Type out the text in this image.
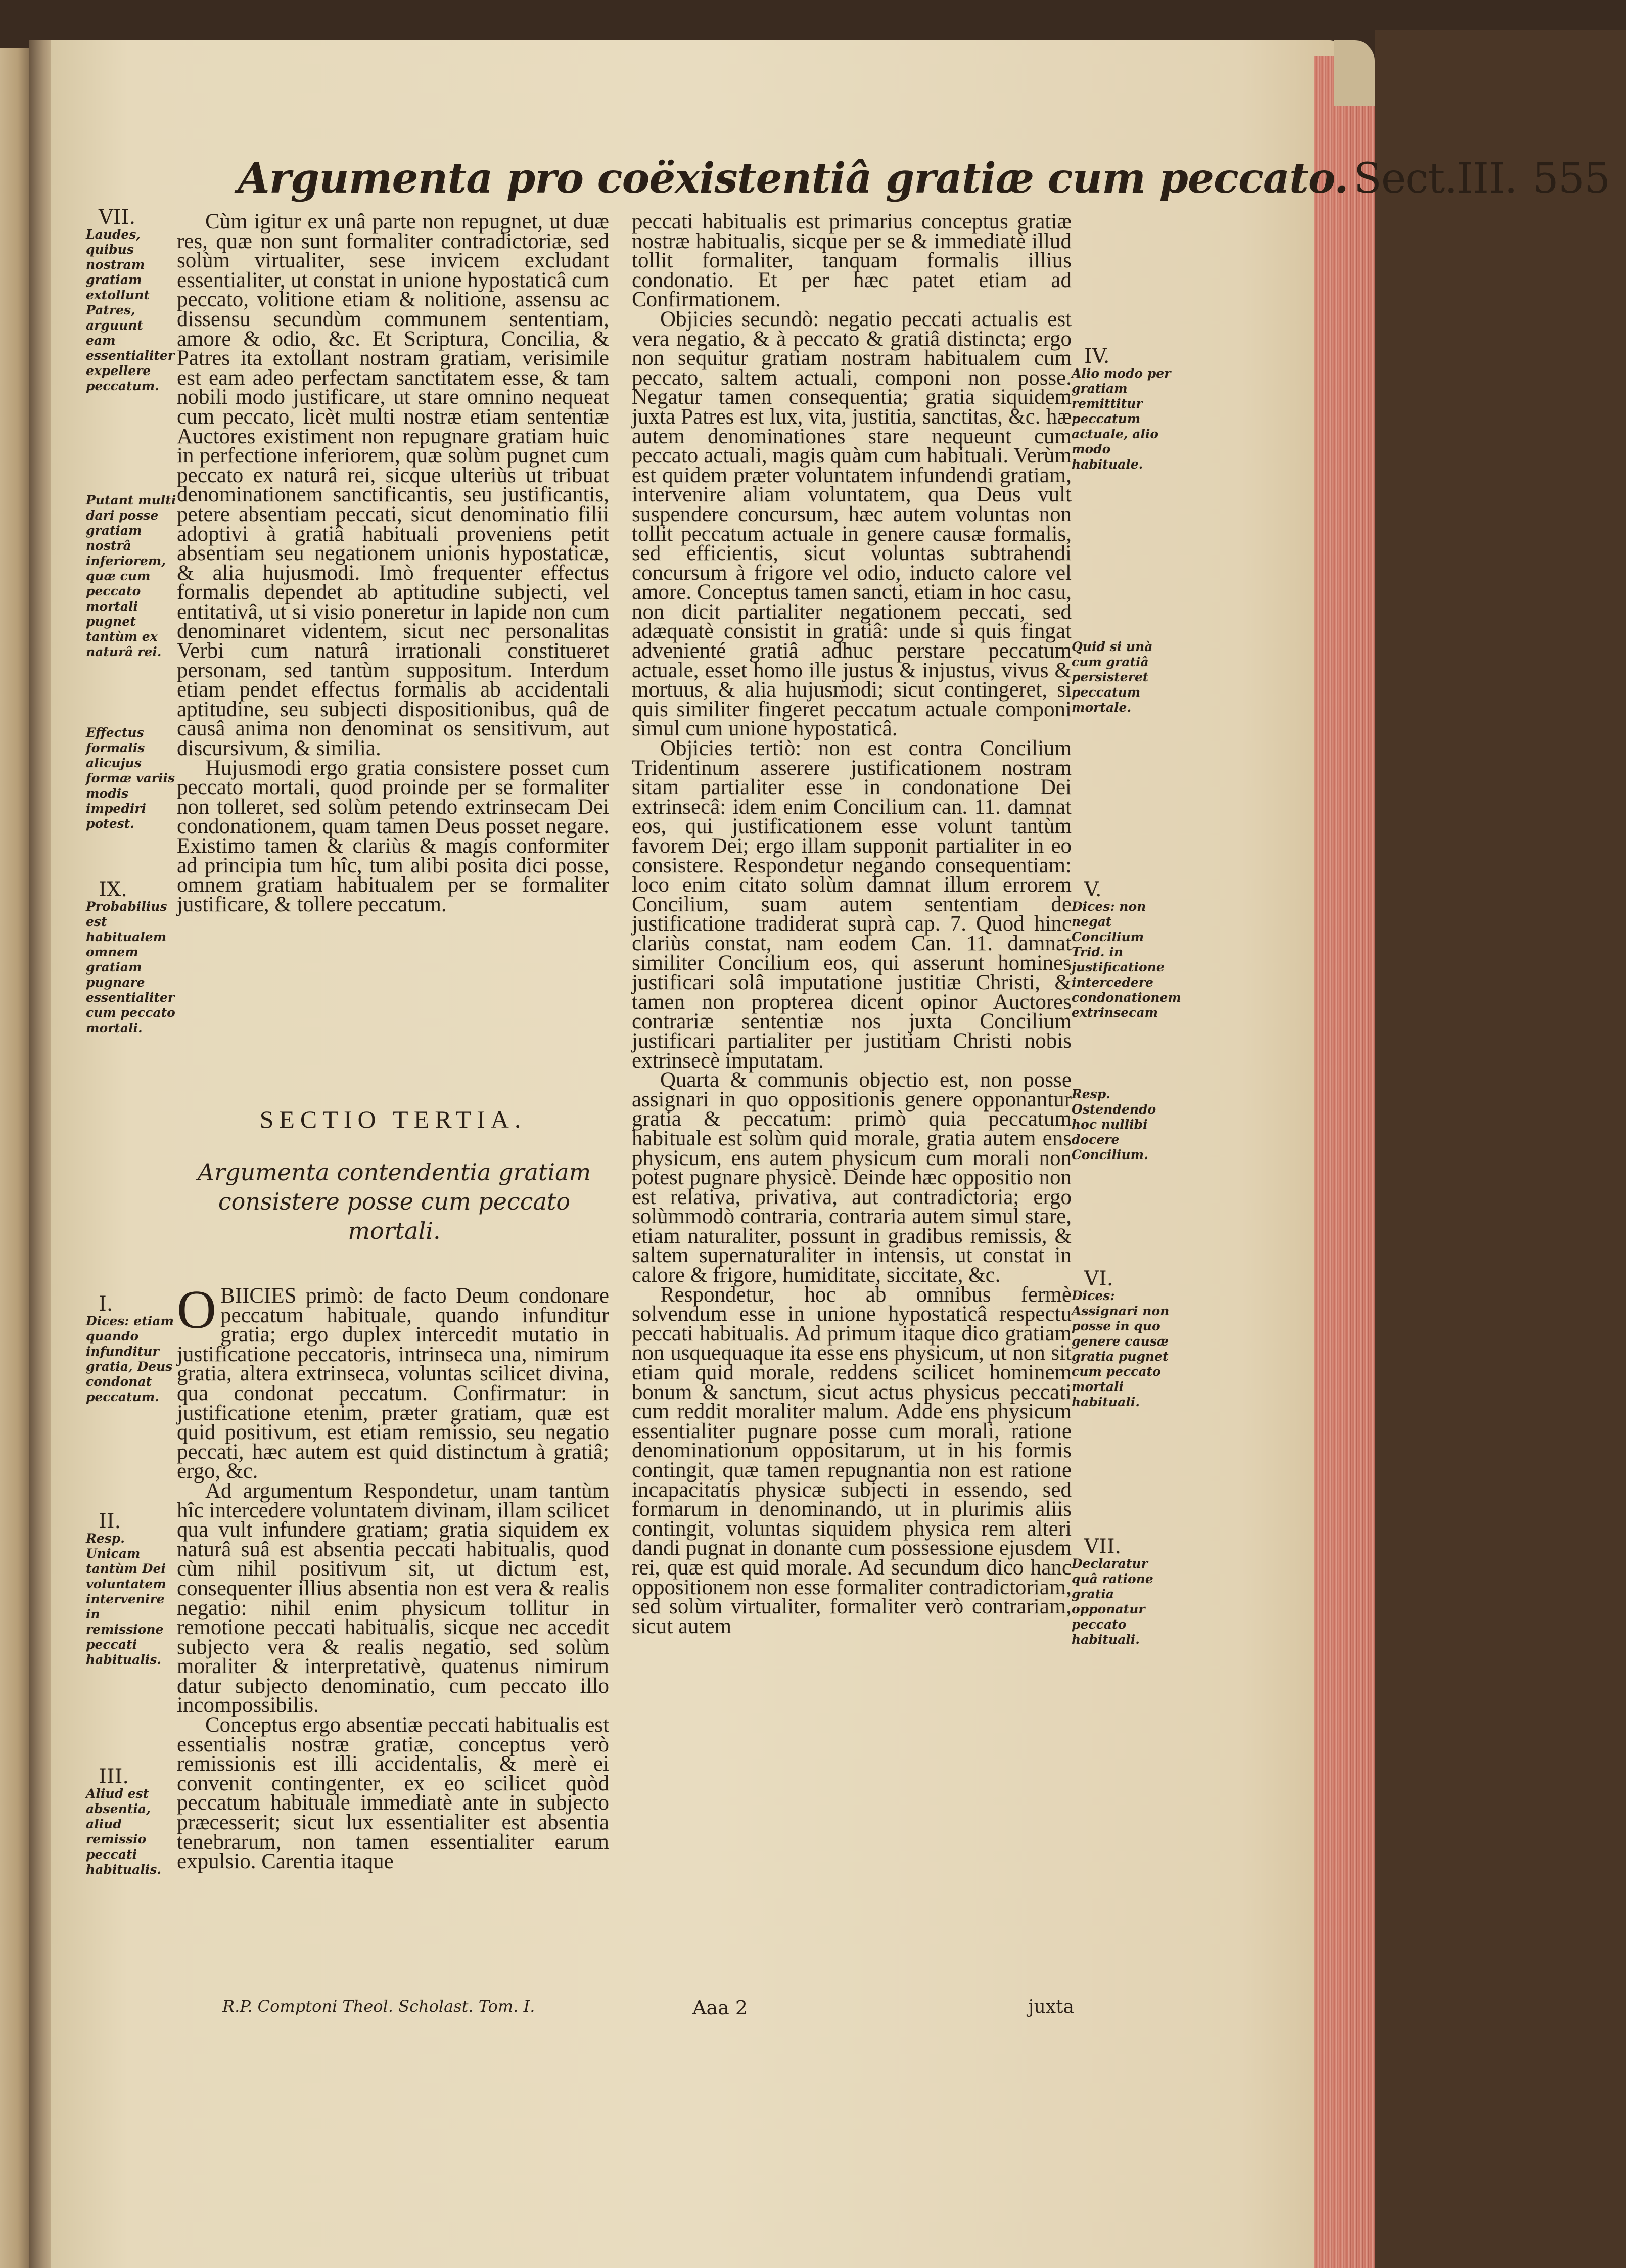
Argumenta pro coëxistentiâ gratiæ cum peccato. Sect.III. 555
VII.
Laudes, quibus nostram gratiam extollunt Patres, arguunt eam essentialiter expellere peccatum.
Putant multi dari posse gratiam nostrâ inferiorem, quæ cum peccato mortali pugnet tantùm ex naturâ rei.
Effectus formalis alicujus formæ variis modis impediri potest.
IX.
Probabilius est habitualem omnem gratiam pugnare essentialiter cum peccato mortali.
I.
Dices: etiam quando infunditur gratia, Deus condonat peccatum.
II.
Resp. Unicam tantùm Dei voluntatem intervenire in remissione peccati habitualis.
III.
Aliud est absentia, aliud remissio peccati habitualis.

Cùm igitur ex unâ parte non repugnet, ut duæ res, quæ non sunt formaliter contradictoriæ, sed solùm virtualiter, sese invicem excludant essentialiter, ut constat in unione hypostaticâ cum peccato, volitione etiam & nolitione, assensu ac dissensu secundùm communem sententiam, amore & odio, &c. Et Scriptura, Concilia, & Patres ita extollant nostram gratiam, verisimile est eam adeo perfectam sanctitatem esse, & tam nobili modo justificare, ut stare omnino nequeat cum peccato, licèt multi nostræ etiam sententiæ Auctores existiment non repugnare gratiam huic in perfectione inferiorem, quæ solùm pugnet cum peccato ex naturâ rei, sicque ulteriùs ut tribuat denominationem sanctificantis, seu justificantis, petere absentiam peccati, sicut denominatio filii adoptivi à gratiâ habituali proveniens petit absentiam seu negationem unionis hypostaticæ, & alia hujusmodi. Imò frequenter effectus formalis dependet ab aptitudine subjecti, vel entitativâ, ut si visio poneretur in lapide non cum denominaret videntem, sicut nec personalitas Verbi cum naturâ irrationali constitueret personam, sed tantùm suppositum. Interdum etiam pendet effectus formalis ab accidentali aptitudine, seu subjecti dispositionibus, quâ de causâ anima non denominat os sensitivum, aut discursivum, & similia.

Hujusmodi ergo gratia consistere posset cum peccato mortali, quod proinde per se formaliter non tolleret, sed solùm petendo extrinsecam Dei condonationem, quam tamen Deus posset negare. Existimo tamen & clariùs & magis conformiter ad principia tum hîc, tum alibi posita dici posse, omnem gratiam habitualem per se formaliter justificare, & tollere peccatum.

SECTIO TERTIA.
Argumenta contendentia gratiam consistere posse cum peccato mortali.

OBIICIES primò: de facto Deum condonare peccatum habituale, quando infunditur gratia; ergo duplex intercedit mutatio in justificatione peccatoris, intrinseca una, nimirum gratia, altera extrinseca, voluntas scilicet divina, qua condonat peccatum. Confirmatur: in justificatione etenim, præter gratiam, quæ est quid positivum, est etiam remissio, seu negatio peccati, hæc autem est quid distinctum à gratiâ; ergo, &c.

Ad argumentum Respondetur, unam tantùm hîc intercedere voluntatem divinam, illam scilicet qua vult infundere gratiam; gratia siquidem ex naturâ suâ est absentia peccati habitualis, quod cùm nihil positivum sit, ut dictum est, consequenter illius absentia non est vera & realis negatio: nihil enim physicum tollitur in remotione peccati habitualis, sicque nec accedit subjecto vera & realis negatio, sed solùm moraliter & interpretativè, quatenus nimirum datur subjecto denominatio, cum peccato illo incompossibilis.

Conceptus ergo absentiæ peccati habitualis est essentialis nostræ gratiæ, conceptus verò remissionis est illi accidentalis, & merè ei convenit contingenter, ex eo scilicet quòd peccatum habituale immediatè ante in subjecto præcesserit; sicut lux essentialiter est absentia tenebrarum, non tamen essentialiter earum expulsio. Carentia itaque

peccati habitualis est primarius conceptus gratiæ nostræ habitualis, sicque per se & immediatè illud tollit formaliter, tanquam formalis illius condonatio. Et per hæc patet etiam ad Confirmationem.

Objicies secundò: negatio peccati actualis est vera negatio, & à peccato & gratiâ distincta; ergo non sequitur gratiam nostram habitualem cum peccato, saltem actuali, componi non posse. Negatur tamen consequentia; gratia siquidem juxta Patres est lux, vita, justitia, sanctitas, &c. hæ autem denominationes stare nequeunt cum peccato actuali, magis quàm cum habituali. Verùm est quidem præter voluntatem infundendi gratiam, intervenire aliam voluntatem, qua Deus vult suspendere concursum, hæc autem voluntas non tollit peccatum actuale in genere causæ formalis, sed efficientis, sicut voluntas subtrahendi concursum à frigore vel odio, inducto calore vel amore. Conceptus tamen sancti, etiam in hoc casu, non dicit partialiter negationem peccati, sed adæquatè consistit in gratiâ: unde si quis fingat advenienté gratiâ adhuc perstare peccatum actuale, esset homo ille justus & injustus, vivus & mortuus, & alia hujusmodi; sicut contingeret, si quis similiter fingeret peccatum actuale componi simul cum unione hypostaticâ.

Objicies tertiò: non est contra Concilium Tridentinum asserere justificationem nostram sitam partialiter esse in condonatione Dei extrinsecâ: idem enim Concilium can. 11. damnat eos, qui justificationem esse volunt tantùm favorem Dei; ergo illam supponit partialiter in eo consistere. Respondetur negando consequentiam: loco enim citato solùm damnat illum errorem Concilium, suam autem sententiam de justificatione tradiderat suprà cap. 7. Quod hinc clariùs constat, nam eodem Can. 11. damnat similiter Concilium eos, qui asserunt homines justificari solâ imputatione justitiæ Christi, & tamen non propterea dicent opinor Auctores contrariæ sententiæ nos juxta Concilium justificari partialiter per justitiam Christi nobis extrinsecè imputatam.

Quarta & communis objectio est, non posse assignari in quo oppositionis genere opponantur gratia & peccatum: primò quia peccatum habituale est solùm quid morale, gratia autem ens physicum, ens autem physicum cum morali non potest pugnare physicè. Deinde hæc oppositio non est relativa, privativa, aut contradictoria; ergo solùmmodò contraria, contraria autem simul stare, etiam naturaliter, possunt in gradibus remissis, & saltem supernaturaliter in intensis, ut constat in calore & frigore, humiditate, siccitate, &c.

Respondetur, hoc ab omnibus fermè solvendum esse in unione hypostaticâ respectu peccati habitualis. Ad primum itaque dico gratiam non usquequaque ita esse ens physicum, ut non sit etiam quid morale, reddens scilicet hominem bonum & sanctum, sicut actus physicus peccati cum reddit moraliter malum. Adde ens physicum essentialiter pugnare posse cum morali, ratione denominationum oppositarum, ut in his formis contingit, quæ tamen repugnantia non est ratione incapacitatis physicæ subjecti in essendo, sed formarum in denominando, ut in plurimis aliis contingit, voluntas siquidem physica rem alteri dandi pugnat in donante cum possessione ejusdem rei, quæ est quid morale. Ad secundum dico hanc oppositionem non esse formaliter contradictoriam, sed solùm virtualiter, formaliter verò contrariam, sicut autem

IV.
Alio modo per gratiam remittitur peccatum actuale, alio modo habituale.
Quid si unà cum gratiâ persisteret peccatum mortale.
V.
Dices: non negat Concilium Trid. in justificatione intercedere condonationem extrinsecam
Resp. Ostendendo hoc nullibi docere Concilium.
VI.
Dices: Assignari non posse in quo genere causæ gratia pugnet cum peccato mortali habituali.
VII.
Declaratur quâ ratione gratia opponatur peccato habituali.
R.P. Comptoni Theol. Scholast. Tom. I.	Aaa 2	juxta
